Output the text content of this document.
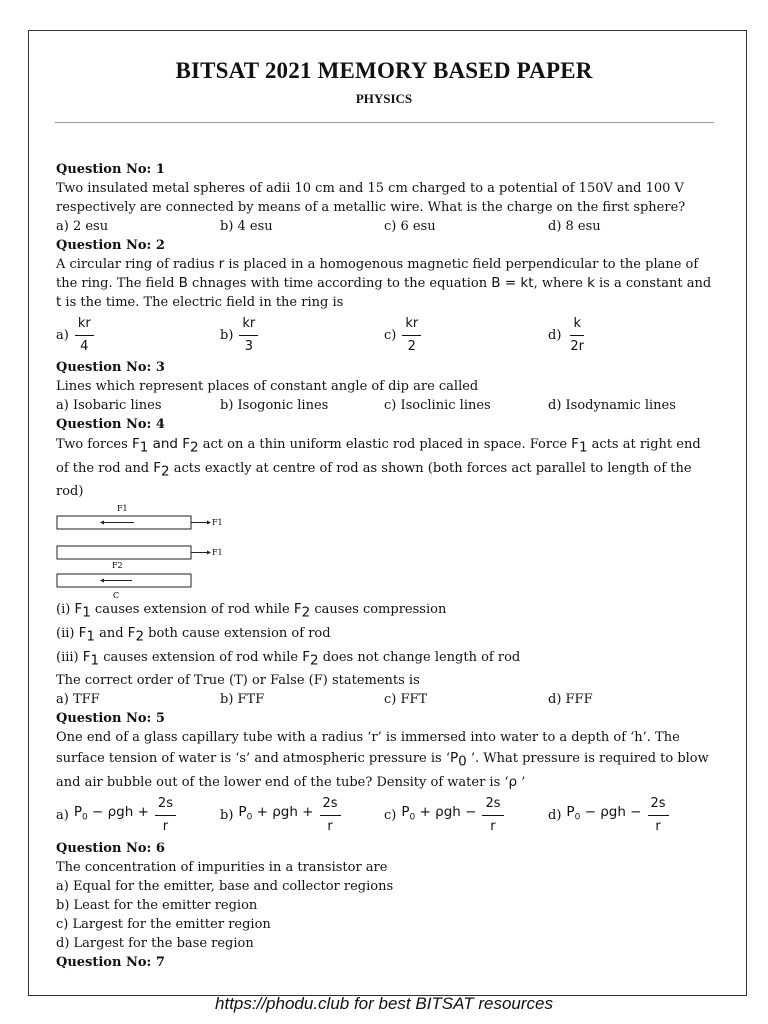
BITSAT 2021 MEMORY BASED PAPER
PHYSICS
Question No: 1
Two insulated metal spheres of adii 10 cm and 15 cm charged to a potential of 150V and 100 V respectively are connected by means of a metallic wire. What is the charge on the first sphere?
a) 2 esu	b) 4 esu	c) 6 esu	d) 8 esu
Question No: 2
A circular ring of radius r is placed in a homogenous magnetic field perpendicular to the plane of the ring. The field B chnages with time according to the equation B = kt, where k is a constant and t is the time. The electric field in the ring is
$a) \frac{kr}{4}$	$b) \frac{kr}{3}$	$c) \frac{kr}{2}$	$d) \frac{k}{2r}$
Question No: 3
Lines which represent places of constant angle of dip are called
a) Isobaric lines	b) Isogonic lines	c) Isoclinic lines	d) Isodynamic lines
Question No: 4
Two forces $F_1$ and $F_2$ act on a thin uniform elastic rod placed in space. Force $F_1$ acts at right end of the rod and $F_2$ acts exactly at centre of rod as shown (both forces act parallel to length of the rod)
F1
F1
F1
F2
C
(i) $F_1$ causes extension of rod while $F_2$ causes compression
(ii) $F_1$ and $F_2$ both cause extension of rod
(iii) $F_1$ causes extension of rod while $F_2$ does not change length of rod
The correct order of True (T) or False (F) statements is
a) TFF	b) FTF	c) FFT	d) FFF
Question No: 5
One end of a glass capillary tube with a radius ‘r’ is immersed into water to a depth of ‘h’. The surface tension of water is ‘s’ and atmospheric pressure is ‘$P_0$ ’. What pressure is required to blow and air bubble out of the lower end of the tube? Density of water is ‘ρ ’
a) $P_0 - \rho gh + \frac{2s}{r}$	b) $P_0 + \rho gh + \frac{2s}{r}$	c) $P_0 + \rho gh - \frac{2s}{r}$	d) $P_0 - \rho gh - \frac{2s}{r}$
Question No: 6
The concentration of impurities in a transistor are
a) Equal for the emitter, base and collector regions
b) Least for the emitter region
c) Largest for the emitter region
d) Largest for the base region
Question No: 7
https://phodu.club for best BITSAT resources
